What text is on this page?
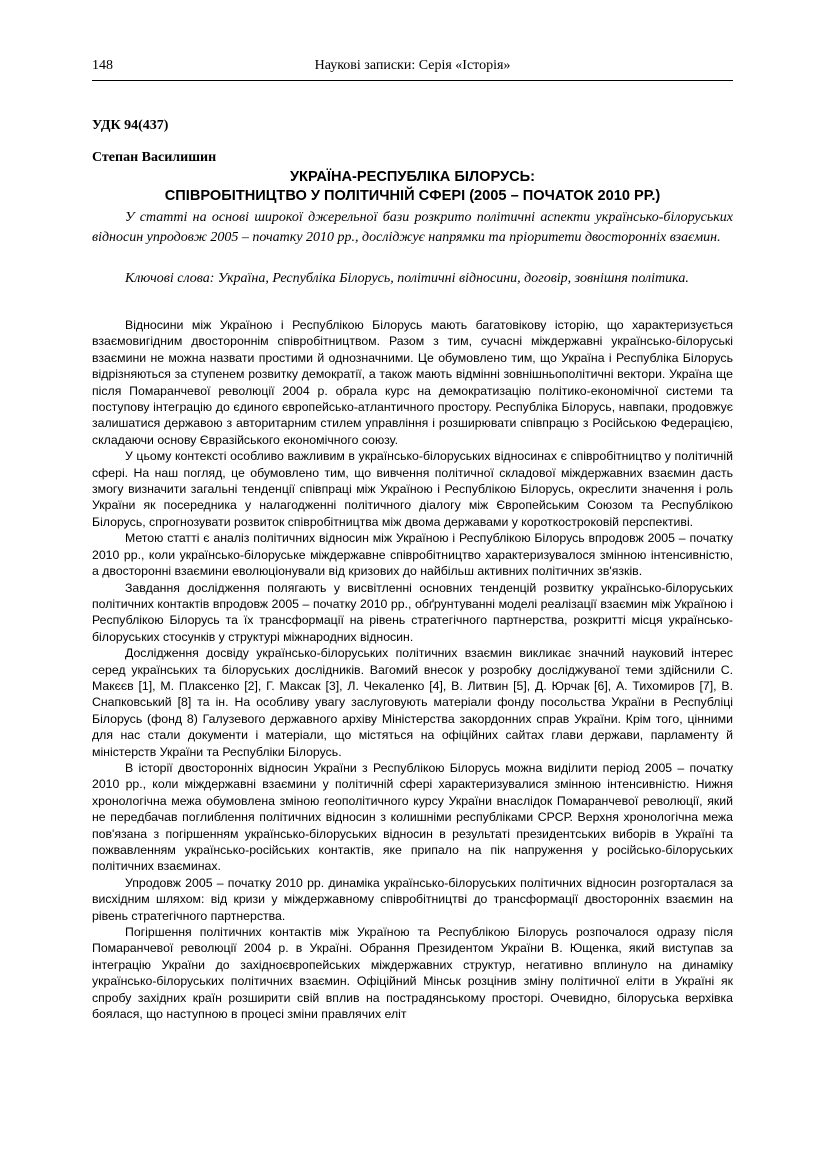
148	Наукові записки: Серія «Історія»
УДК 94(437)
Степан Василишин
УКРАЇНА-РЕСПУБЛІКА БІЛОРУСЬ:
СПІВРОБІТНИЦТВО У ПОЛІТИЧНІЙ СФЕРІ (2005 – ПОЧАТОК 2010 РР.)

У статті на основі широкої джерельної бази розкрито політичні аспекти українсько-білоруських відносин упродовж 2005 – початку 2010 рр., досліджує напрямки та пріоритети двосторонніх взаємин.

Ключові слова: Україна, Республіка Білорусь, політичні відносини, договір, зовнішня політика.

Відносини між Україною і Республікою Білорусь мають багатовікову історію, що характеризується взаємовигідним двостороннім співробітництвом. Разом з тим, сучасні міждержавні українсько-білоруські взаємини не можна назвати простими й однозначними. Це обумовлено тим, що Україна і Республіка Білорусь відрізняються за ступенем розвитку демократії, а також мають відмінні зовнішньополітичні вектори. Україна ще після Помаранчевої революції 2004 р. обрала курс на демократизацію політико-економічної системи та поступову інтеграцію до єдиного європейсько-атлантичного простору. Республіка Білорусь, навпаки, продовжує залишатися державою з авторитарним стилем управління і розширювати співпрацю з Російською Федерацією, складаючи основу Євразійського економічного союзу.

У цьому контексті особливо важливим в українсько-білоруських відносинах є співробітництво у політичній сфері. На наш погляд, це обумовлено тим, що вивчення політичної складової міждержавних взаємин дасть змогу визначити загальні тенденції співпраці між Україною і Республікою Білорусь, окреслити значення і роль України як посередника у налагодженні політичного діалогу між Європейським Союзом та Республікою Білорусь, спрогнозувати розвиток співробітництва між двома державами у короткостроковій перспективі.

Метою статті є аналіз політичних відносин між Україною і Республікою Білорусь впродовж 2005 – початку 2010 рр., коли українсько-білоруське міждержавне співробітництво характеризувалося змінною інтенсивністю, а двосторонні взаємини еволюціонували від кризових до найбільш активних політичних зв'язків.

Завдання дослідження полягають у висвітленні основних тенденцій розвитку українсько-білоруських політичних контактів впродовж 2005 – початку 2010 рр., обґрунтуванні моделі реалізації взаємин між Україною і Республікою Білорусь та їх трансформації на рівень стратегічного партнерства, розкритті місця українсько-білоруських стосунків у структурі міжнародних відносин.

Дослідження досвіду українсько-білоруських політичних взаємин викликає значний науковий інтерес серед українських та білоруських дослідників. Вагомий внесок у розробку досліджуваної теми здійснили С. Макєєв [1], М. Плаксенко [2], Г. Максак [3], Л. Чекаленко [4], В. Литвин [5], Д. Юрчак [6], А. Тихомиров [7], В. Снапковський [8] та ін. На особливу увагу заслуговують матеріали фонду посольства України в Республіці Білорусь (фонд 8) Галузевого державного архіву Міністерства закордонних справ України. Крім того, цінними для нас стали документи і матеріали, що містяться на офіційних сайтах глави держави, парламенту й міністерств України та Республіки Білорусь.

В історії двосторонніх відносин України з Республікою Білорусь можна виділити період 2005 – початку 2010 рр., коли міждержавні взаємини у політичній сфері характеризувалися змінною інтенсивністю. Нижня хронологічна межа обумовлена зміною геополітичного курсу України внаслідок Помаранчевої революції, який не передбачав поглиблення політичних відносин з колишніми республіками СРСР. Верхня хронологічна межа пов'язана з погіршенням українсько-білоруських відносин в результаті президентських виборів в Україні та пожвавленням українсько-російських контактів, яке припало на пік напруження у російсько-білоруських політичних взаєминах.

Упродовж 2005 – початку 2010 рр. динаміка українсько-білоруських політичних відносин розгорталася за висхідним шляхом: від кризи у міждержавному співробітництві до трансформації двосторонніх взаємин на рівень стратегічного партнерства.

Погіршення політичних контактів між Україною та Республікою Білорусь розпочалося одразу після Помаранчевої революції 2004 р. в Україні. Обрання Президентом України В. Ющенка, який виступав за інтеграцію України до західноєвропейських міждержавних структур, негативно вплинуло на динаміку українсько-білоруських політичних взаємин. Офіційний Мінськ розцінив зміну політичної еліти в Україні як спробу західних країн розширити свій вплив на пострадянському просторі. Очевидно, білоруська верхівка боялася, що наступною в процесі зміни правлячих еліт
